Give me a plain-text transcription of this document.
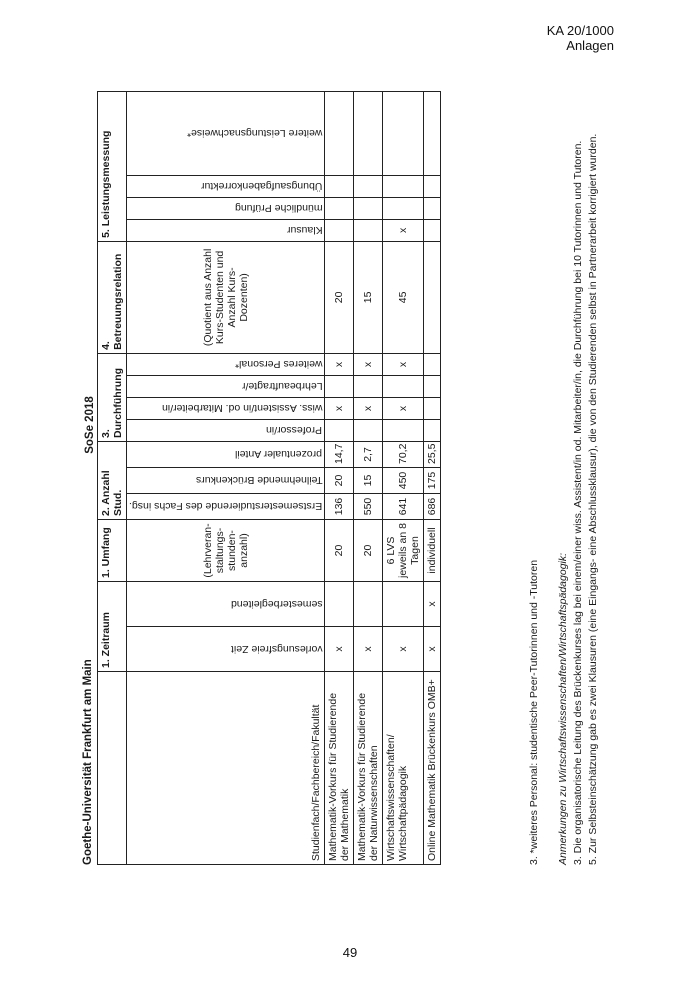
KA 20/1000
Anlagen
Goethe-Universität Frankfurt am Main
SoSe 2018
	1. Zeitraum		1. Umfang	2. Anzahl Stud.			3. Durchführung				4. Betreuungsrelation	5. Leistungsmessung			
Studienfach/Fachbereich/Fakultät	vorlesungsfreie Zeit	semesterbegleitend	(Lehrveran-staltungs-stunden-anzahl)	Erstsemesterstudierende des Fachs insg.	Teilnehmende Brückenkurs	prozentualer Anteil	Professor/in	wiss. Assistent/in od. Mitarbeiter/in	Lehrbeauftragte/r	weiteres Personal*	(Quotient aus Anzahl Kurs-Studenten und Anzahl Kurs-Dozenten)	Klausur	mündliche Prüfung	Übungsaufgabenkorrektur	weitere Leistungsnachweise*

Mathematik-Vorkurs für Studierende der Mathematik	x		20	136	20	14,7		x		x	20				
Mathematik-Vorkurs für Studierende der Naturwissenschaften	x		20	550	15	2,7		x		x	15				
Wirtschaftswissenschaften/ Wirtschaftpädagogik	x		6 LVS jeweils an 8 Tagen	641	450	70,2		x		x	45	x			
Online Mathematik Brückenkurs OMB+	x	x	individuell	686	175	25,5									
3. *weiteres Personal: studentische Peer-Tutorinnen und -Tutoren Anmerkungen zu Wirtschaftswissenschaften/Wirtschaftspädagogik: 3. Die organisatorische Leitung des Brückenkurses lag bei einem/einer wiss. Assistent/in od. Mitarbeiter/in, die Durchführung bei 10 Tutorinnen und Tutoren. 5. Zur Selbsteinschätzung gab es zwei Klausuren (eine Eingangs- eine Abschlussklausur), die von den Studierenden selbst in Partnerarbeit korrigiert wurden.
49
